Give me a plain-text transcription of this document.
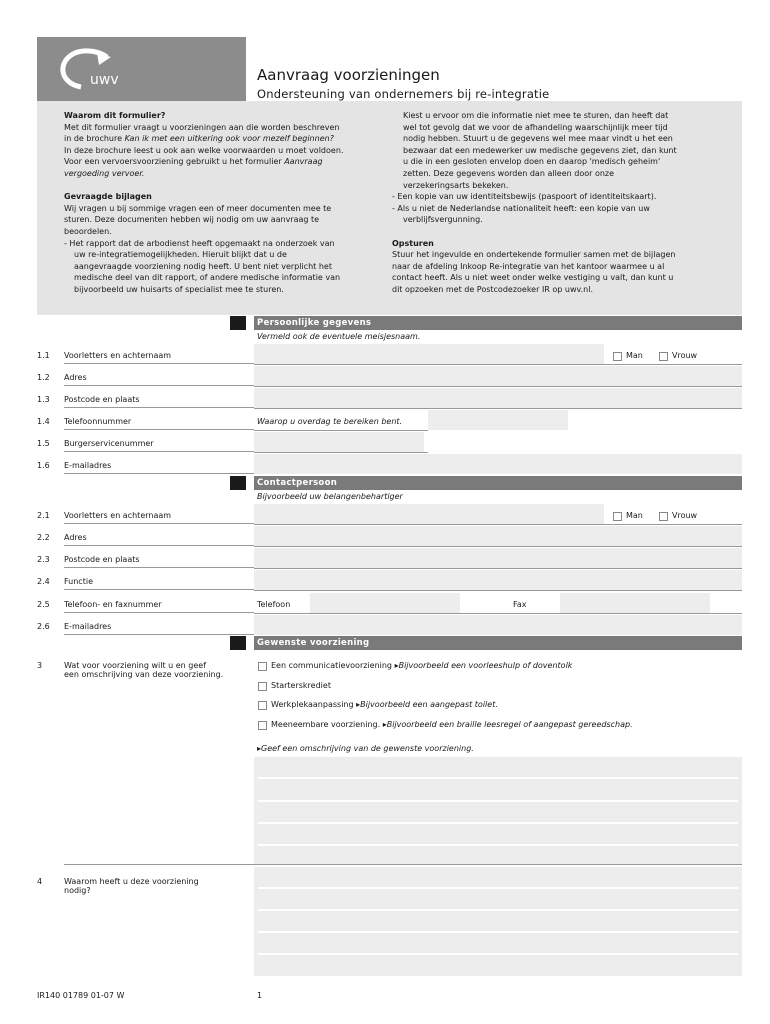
uwv	Aanvraag voorzieningen
Ondersteuning van ondernemers bij re-integratie

Waarom dit formulier?

Met dit formulier vraagt u voorzieningen aan die worden beschreven

in de brochure Kan ik met een uitkering ook voor mezelf beginnen?

In deze brochure leest u ook aan welke voorwaarden u moet voldoen.

Voor een vervoersvoorziening gebruikt u het formulier Aanvraag

vergoeding vervoer.

Gevraagde bijlagen

Wij vragen u bij sommige vragen een of meer documenten mee te

sturen. Deze documenten hebben wij nodig om uw aanvraag te

beoordelen.

- Het rapport dat de arbodienst heeft opgemaakt na onderzoek van

uw re-integratiemogelijkheden. Hieruit blijkt dat u de

aangevraagde voorziening nodig heeft. U bent niet verplicht het

medische deel van dit rapport, of andere medische informatie van

bijvoorbeeld uw huisarts of specialist mee te sturen.

Kiest u ervoor om die informatie niet mee te sturen, dan heeft dat

wel tot gevolg dat we voor de afhandeling waarschijnlijk meer tijd

nodig hebben. Stuurt u de gegevens wel mee maar vindt u het een

bezwaar dat een medewerker uw medische gegevens ziet, dan kunt

u die in een gesloten envelop doen en daarop 'medisch geheim'

zetten. Deze gegevens worden dan alleen door onze

verzekeringsarts bekeken.

- Een kopie van uw identiteitsbewijs (paspoort of identiteitskaart).

- Als u niet de Nederlandse nationaliteit heeft: een kopie van uw

verblijfsvergunning.

Opsturen

Stuur het ingevulde en ondertekende formulier samen met de bijlagen

naar de afdeling Inkoop Re-integratie van het kantoor waarmee u al

contact heeft. Als u niet weet onder welke vestiging u valt, dan kunt u

dit opzoeken met de Postcodezoeker IR op uwv.nl.

Persoonlijke gegevens
Vermeld ook de eventuele meisjesnaam.
1.1 Voorletters en achternaam	Man	Vrouw
1.2 Adres
1.3 Postcode en plaats
1.4 Telefoonnummer	Waarop u overdag te bereiken bent.
1.5 Burgerservicenummer
1.6 E-mailadres
Contactpersoon
Bijvoorbeeld uw belangenbehartiger
2.1 Voorletters en achternaam	Man	Vrouw
2.2 Adres
2.3 Postcode en plaats
2.4 Functie
2.5 Telefoon- en faxnummer	Telefoon	Fax
2.6 E-mailadres
Gewenste voorziening
3	Wat voor voorziening wilt u en geef
een omschrijving van deze voorziening.
Een communicatievoorziening ▸Bijvoorbeeld een voorleeshulp of doventolk
Starterskrediet
Werkplekaanpassing ▸Bijvoorbeeld een aangepast toilet.
Meeneembare voorziening. ▸Bijvoorbeeld een braille leesregel of aangepast gereedschap.
▸Geef een omschrijving van de gewenste voorziening.
4	Waarom heeft u deze voorziening
nodig?
IR140 01789 01-07 W	1
